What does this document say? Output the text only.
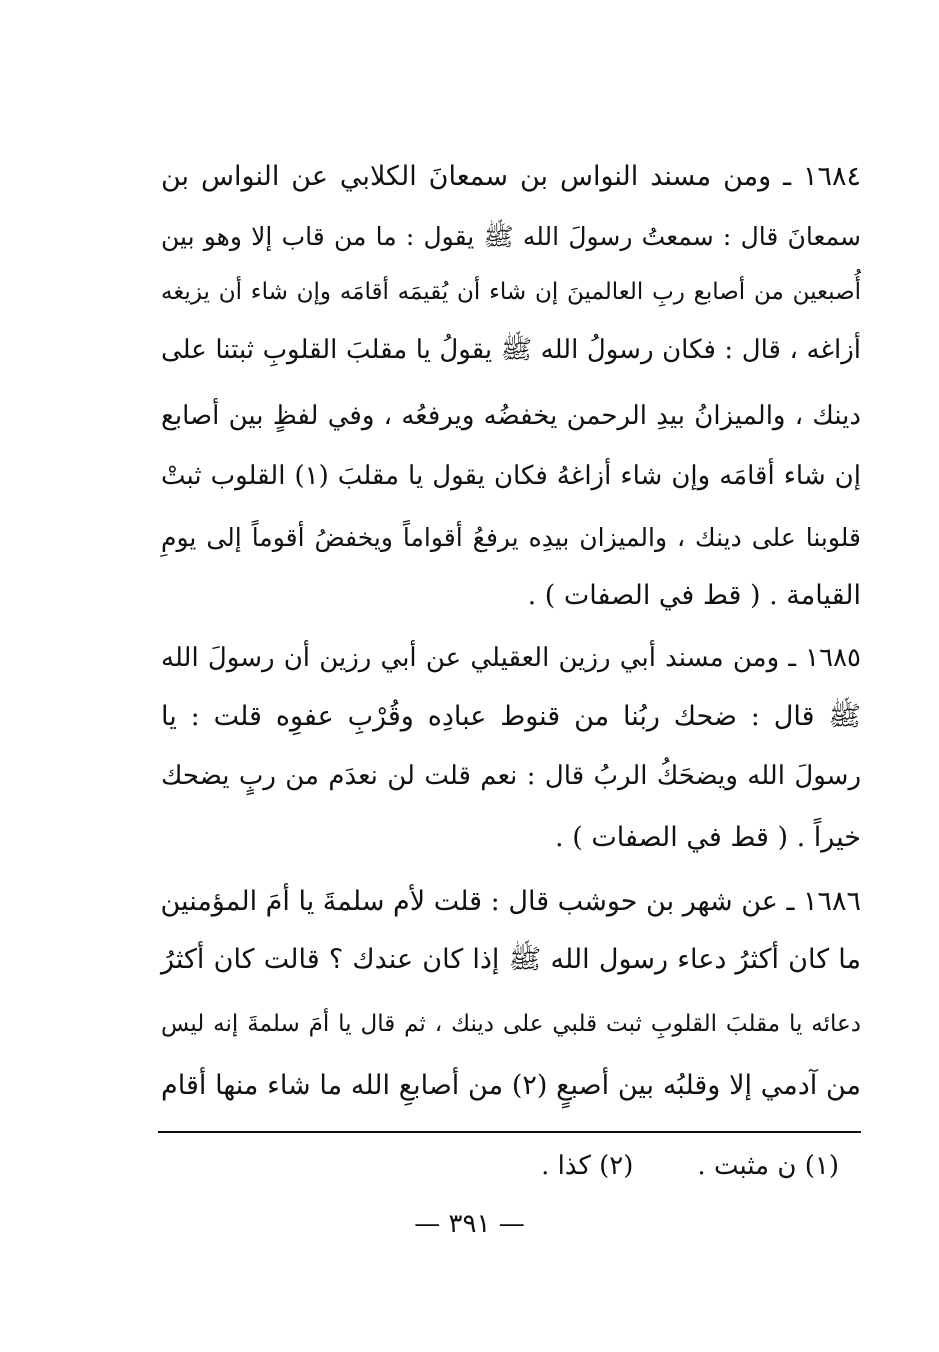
١٦٨٤ ـ ومن مسند النواس بن سمعانَ الكلابي عن النواس بن
سمعانَ قال : سمعتُ رسولَ الله ﷺ يقول : ما من قاب إلا وهو بين
أُصبعين من أصابع ربِ العالمينَ إن شاء أن يُقيمَه أقامَه وإن شاء أن يزيغه
أزاغه ، قال : فكان رسولُ الله ﷺ يقولُ يا مقلبَ القلوبِ ثبتنا على
دينك ، والميزانُ بيدِ الرحمن يخفضُه ويرفعُه ، وفي لفظٍ بين أصابع
إن شاء أقامَه وإن شاء أزاغهُ فكان يقول يا مقلبَ (١) القلوب ثبتْ
قلوبنا على دينك ، والميزان بيدِه يرفعُ أقواماً ويخفضُ أقوماً إلى يومِ
القيامة . ( قط في الصفات ) .
١٦٨٥ ـ ومن مسند أبي رزين العقيلي عن أبي رزين أن رسولَ الله
ﷺ قال : ضحك ربُنا من قنوط عبادِه وقُرْبِ عفوِه قلت : يا
رسولَ الله ويضحَكُ الربُ قال : نعم قلت لن نعدَم من ربٍ يضحك
خيراً . ( قط في الصفات ) .
١٦٨٦ ـ عن شهر بن حوشب قال : قلت لأم سلمةَ يا أمَ المؤمنين
ما كان أكثرُ دعاء رسول الله ﷺ إذا كان عندك ؟ قالت كان أكثرُ
دعائه يا مقلبَ القلوبِ ثبت قلبي على دينك ، ثم قال يا أمَ سلمةَ إنه ليس
من آدمي إلا وقلبُه بين أصبعٍ (٢) من أصابعِ الله ما شاء منها أقام
(١) ن مثبت .(٢) كذا .
— ٣٩١ —
